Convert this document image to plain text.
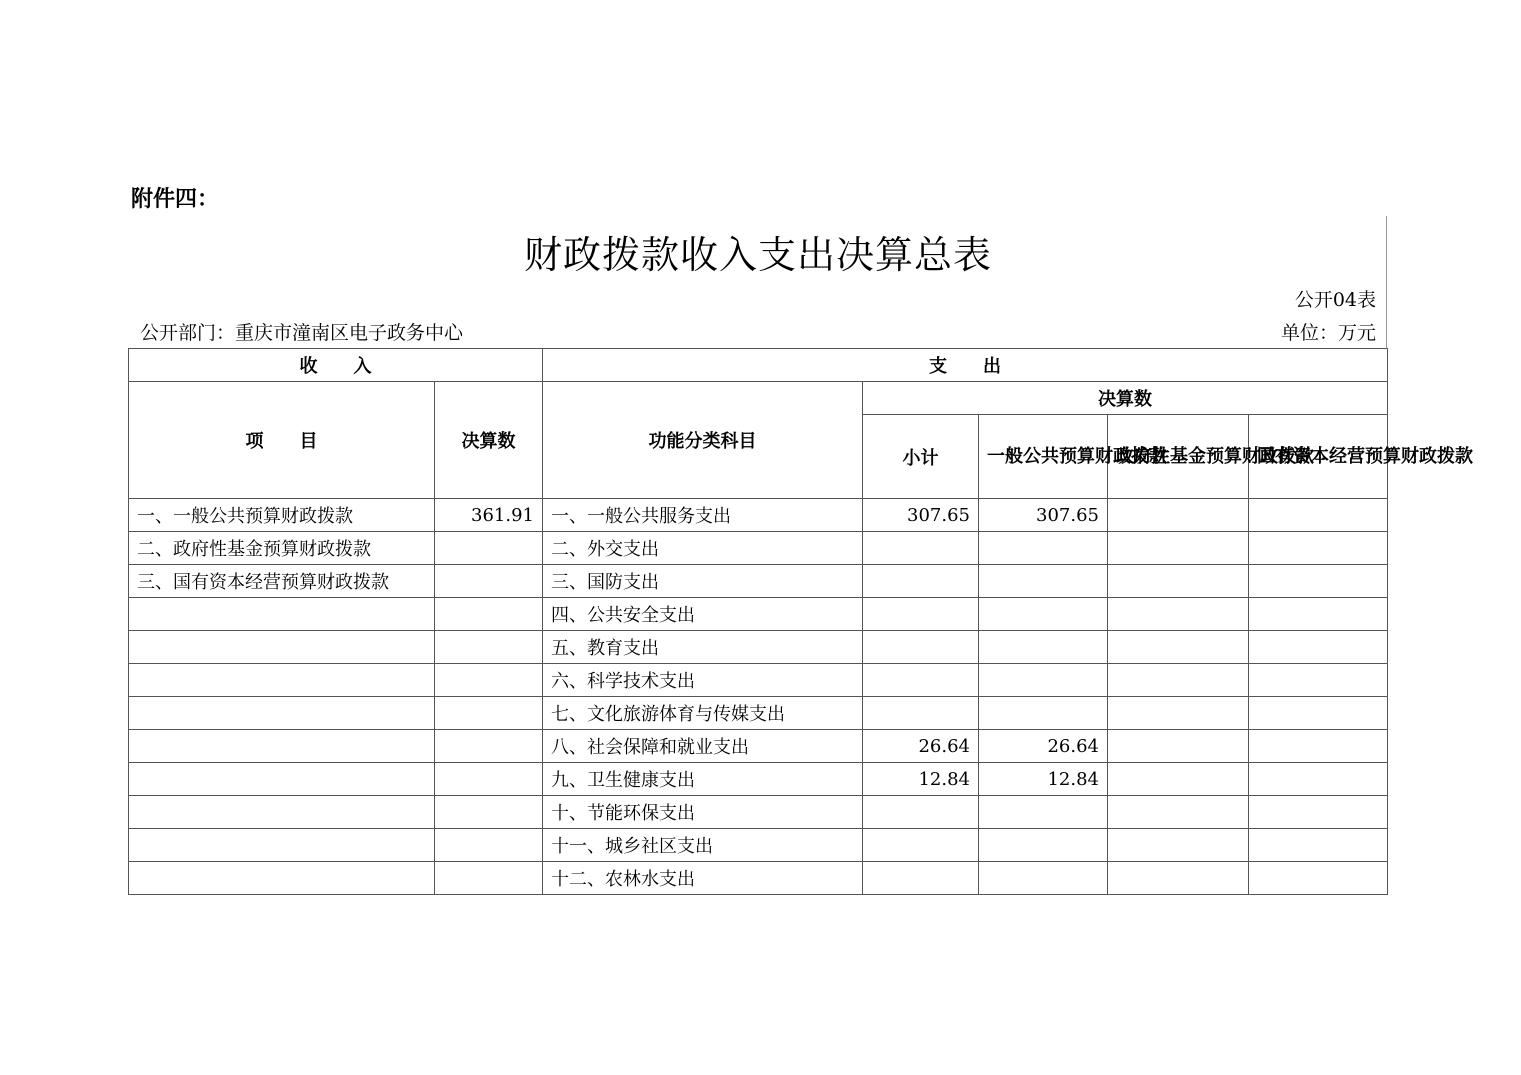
附件四：
财政拨款收入支出决算总表
公开04表
公开部门：重庆市潼南区电子政务中心	单位：万元
收　　入		支　　出				
项　　目	决算数	功能分类科目	决算数			
			小计	一般公共预算财政拨款	政府性基金预算财政拨款	国有资本经营预算财政拨款
一、一般公共预算财政拨款	361.91	一、一般公共服务支出	307.65	307.65		
二、政府性基金预算财政拨款		二、外交支出				
三、国有资本经营预算财政拨款		三、国防支出				
		四、公共安全支出				
		五、教育支出				
		六、科学技术支出				
		七、文化旅游体育与传媒支出				
		八、社会保障和就业支出	26.64	26.64		
		九、卫生健康支出	12.84	12.84		
		十、节能环保支出				
		十一、城乡社区支出				
		十二、农林水支出				
